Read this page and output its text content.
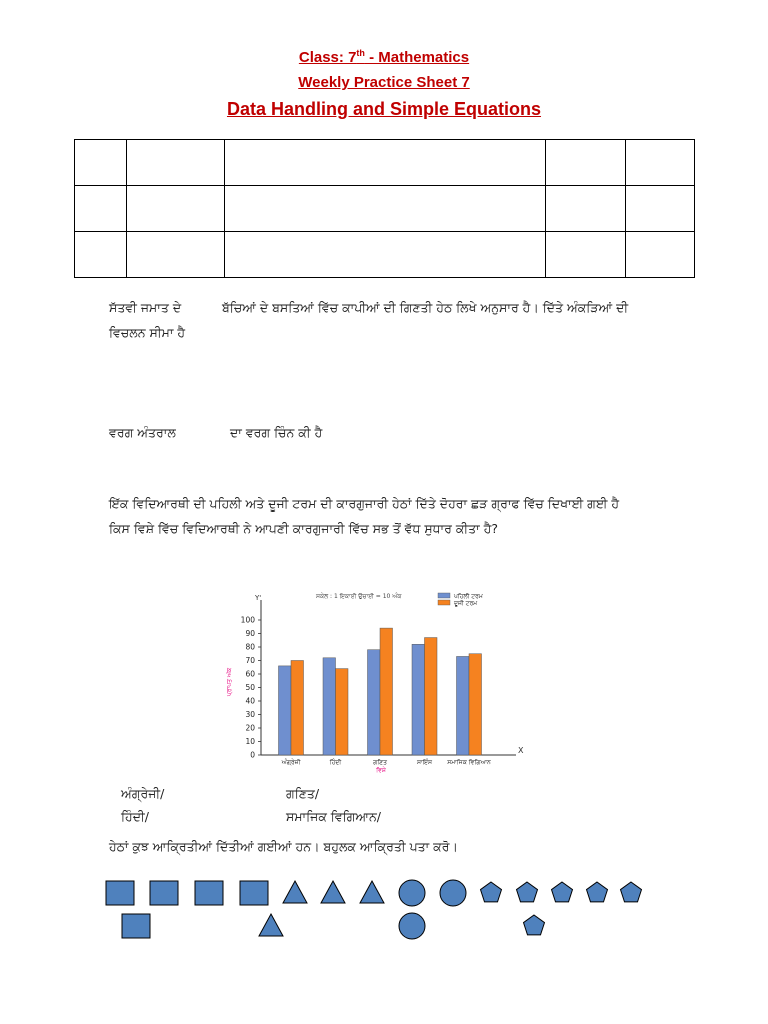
Class: 7th - Mathematics
Weekly Practice Sheet 7
Data Handling and Simple Equations

ਸੱਤਵੀ ਜਮਾਤ ਦੇ	ਬੱਚਿਆਂ ਦੇ ਬਸਤਿਆਂ ਵਿੱਚ ਕਾਪੀਆਂ ਦੀ ਗਿਣਤੀ ਹੇਠ ਲਿਖੇ ਅਨੁਸਾਰ ਹੈ। ਦਿੱਤੇ ਅੰਕੜਿਆਂ ਦੀ
ਵਿਚਲਨ ਸੀਮਾ ਹੈ
ਵਰਗ ਅੰਤਰਾਲ	ਦਾ ਵਰਗ ਚਿੰਨ ਕੀ ਹੈ
ਇੱਕ ਵਿਦਿਆਰਥੀ ਦੀ ਪਹਿਲੀ ਅਤੇ ਦੂਜੀ ਟਰਮ ਦੀ ਕਾਰਗੁਜਾਰੀ ਹੇਠਾਂ ਦਿੱਤੇ ਦੋਹਰਾ ਛੜ ਗ੍ਰਾਫ ਵਿੱਚ ਦਿਖਾਈ ਗਈ ਹੈ
ਕਿਸ ਵਿਸ਼ੇ ਵਿੱਚ ਵਿਦਿਆਰਥੀ ਨੇ ਆਪਣੀ ਕਾਰਗੁਜਾਰੀ ਵਿੱਚ ਸਭ ਤੋਂ ਵੱਧ ਸੁਧਾਰ ਕੀਤਾ ਹੈ?
X
Y'
0
10
20
30
40
50
60
70
80
90
100
ਅੰਗ੍ਰੇਜ਼ੀ	ਹਿੰਦੀ	ਗਣਿਤ	ਸਾਇੰਸ	ਸਮਾਜਿਕ ਵਿਗਿਆਨ
ਵਿਸ਼ੇ
ਪ੍ਰਾਪਤ ਅੰਕ
ਸਕੇਲ : 1 ਇਕਾਈ ਉਚਾਈ = 10 ਅੰਕ	ਪਹਿਲੀ ਟਰਮ
ਦੂਜੀ ਟਰਮ
ਅੰਗ੍ਰੇਜੀ/	ਗਣਿਤ/
ਹਿੰਦੀ/	ਸਮਾਜਿਕ ਵਿਗਿਆਨ/
ਹੇਠਾਂ ਕੁਝ ਆਕ੍ਰਿਤੀਆਂ ਦਿੱਤੀਆਂ ਗਈਆਂ ਹਨ। ਬਹੁਲਕ ਆਕ੍ਰਿਤੀ ਪਤਾ ਕਰੋ।
